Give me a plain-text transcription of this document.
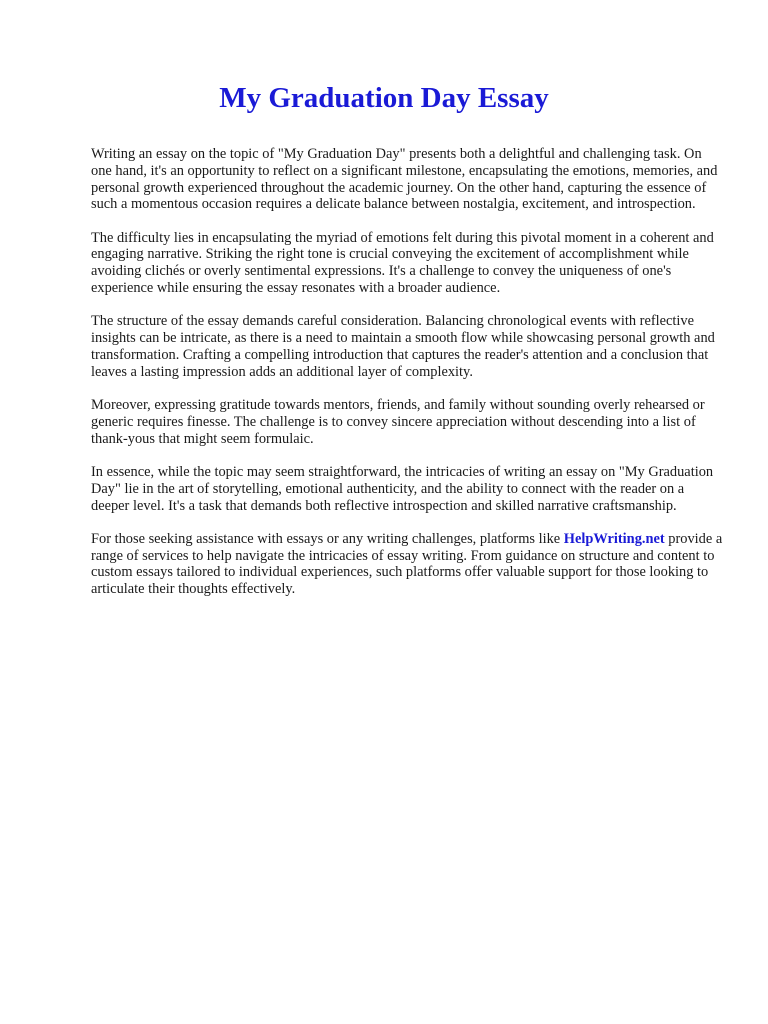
My Graduation Day Essay

Writing an essay on the topic of "My Graduation Day" presents both a delightful and challenging task. On one hand, it's an opportunity to reflect on a significant milestone, encapsulating the emotions, memories, and personal growth experienced throughout the academic journey. On the other hand, capturing the essence of such a momentous occasion requires a delicate balance between nostalgia, excitement, and introspection.

The difficulty lies in encapsulating the myriad of emotions felt during this pivotal moment in a coherent and engaging narrative. Striking the right tone is crucial conveying the excitement of accomplishment while avoiding clichés or overly sentimental expressions. It's a challenge to convey the uniqueness of one's experience while ensuring the essay resonates with a broader audience.

The structure of the essay demands careful consideration. Balancing chronological events with reflective insights can be intricate, as there is a need to maintain a smooth flow while showcasing personal growth and transformation. Crafting a compelling introduction that captures the reader's attention and a conclusion that leaves a lasting impression adds an additional layer of complexity.

Moreover, expressing gratitude towards mentors, friends, and family without sounding overly rehearsed or generic requires finesse. The challenge is to convey sincere appreciation without descending into a list of thank-yous that might seem formulaic.

In essence, while the topic may seem straightforward, the intricacies of writing an essay on "My Graduation Day" lie in the art of storytelling, emotional authenticity, and the ability to connect with the reader on a deeper level. It's a task that demands both reflective introspection and skilled narrative craftsmanship.

For those seeking assistance with essays or any writing challenges, platforms like HelpWriting.net provide a range of services to help navigate the intricacies of essay writing. From guidance on structure and content to custom essays tailored to individual experiences, such platforms offer valuable support for those looking to articulate their thoughts effectively.
